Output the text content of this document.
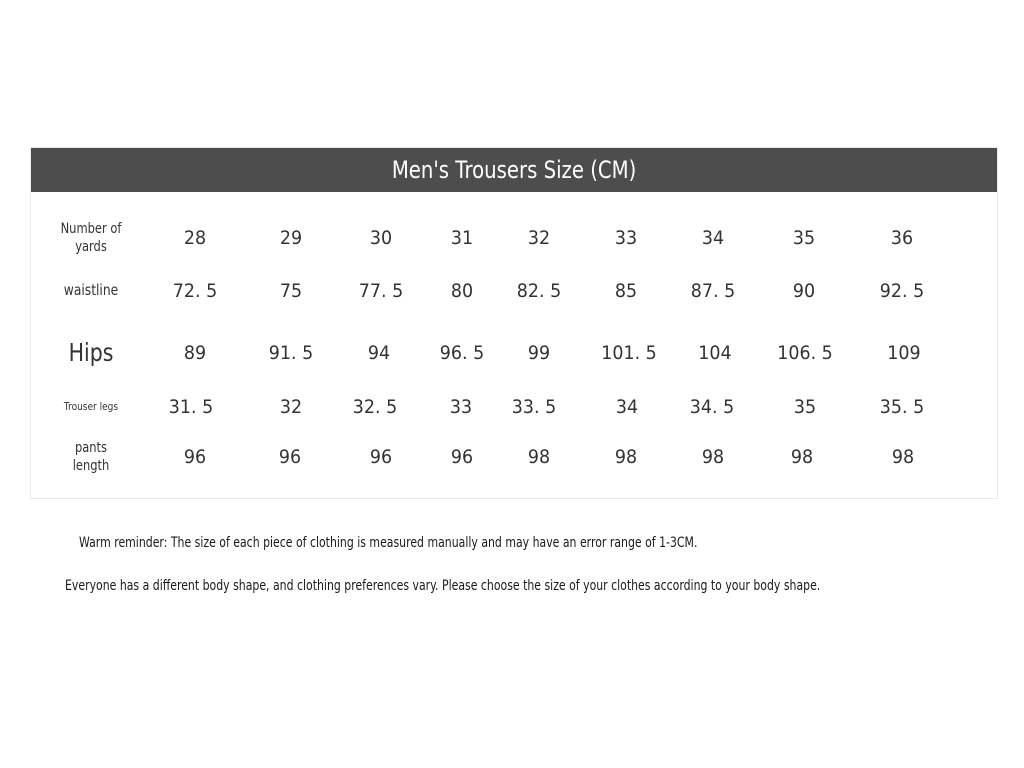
Men's Trousers Size (CM)
Number of
yards	28	29	30	31	32	33	34	35	36
waistline	72. 5	75	77. 5	80	82. 5	85	87. 5	90	92. 5
Hips	89	91. 5	94	96. 5	99	101. 5	104	106. 5	109
Trouser legs	31. 5	32	32. 5	33	33. 5	34	34. 5	35	35. 5
pants
length	96	96	96	96	98	98	98	98	98
Warm reminder: The size of each piece of clothing is measured manually and may have an error range of 1-3CM.
Everyone has a different body shape, and clothing preferences vary. Please choose the size of your clothes according to your body shape.
